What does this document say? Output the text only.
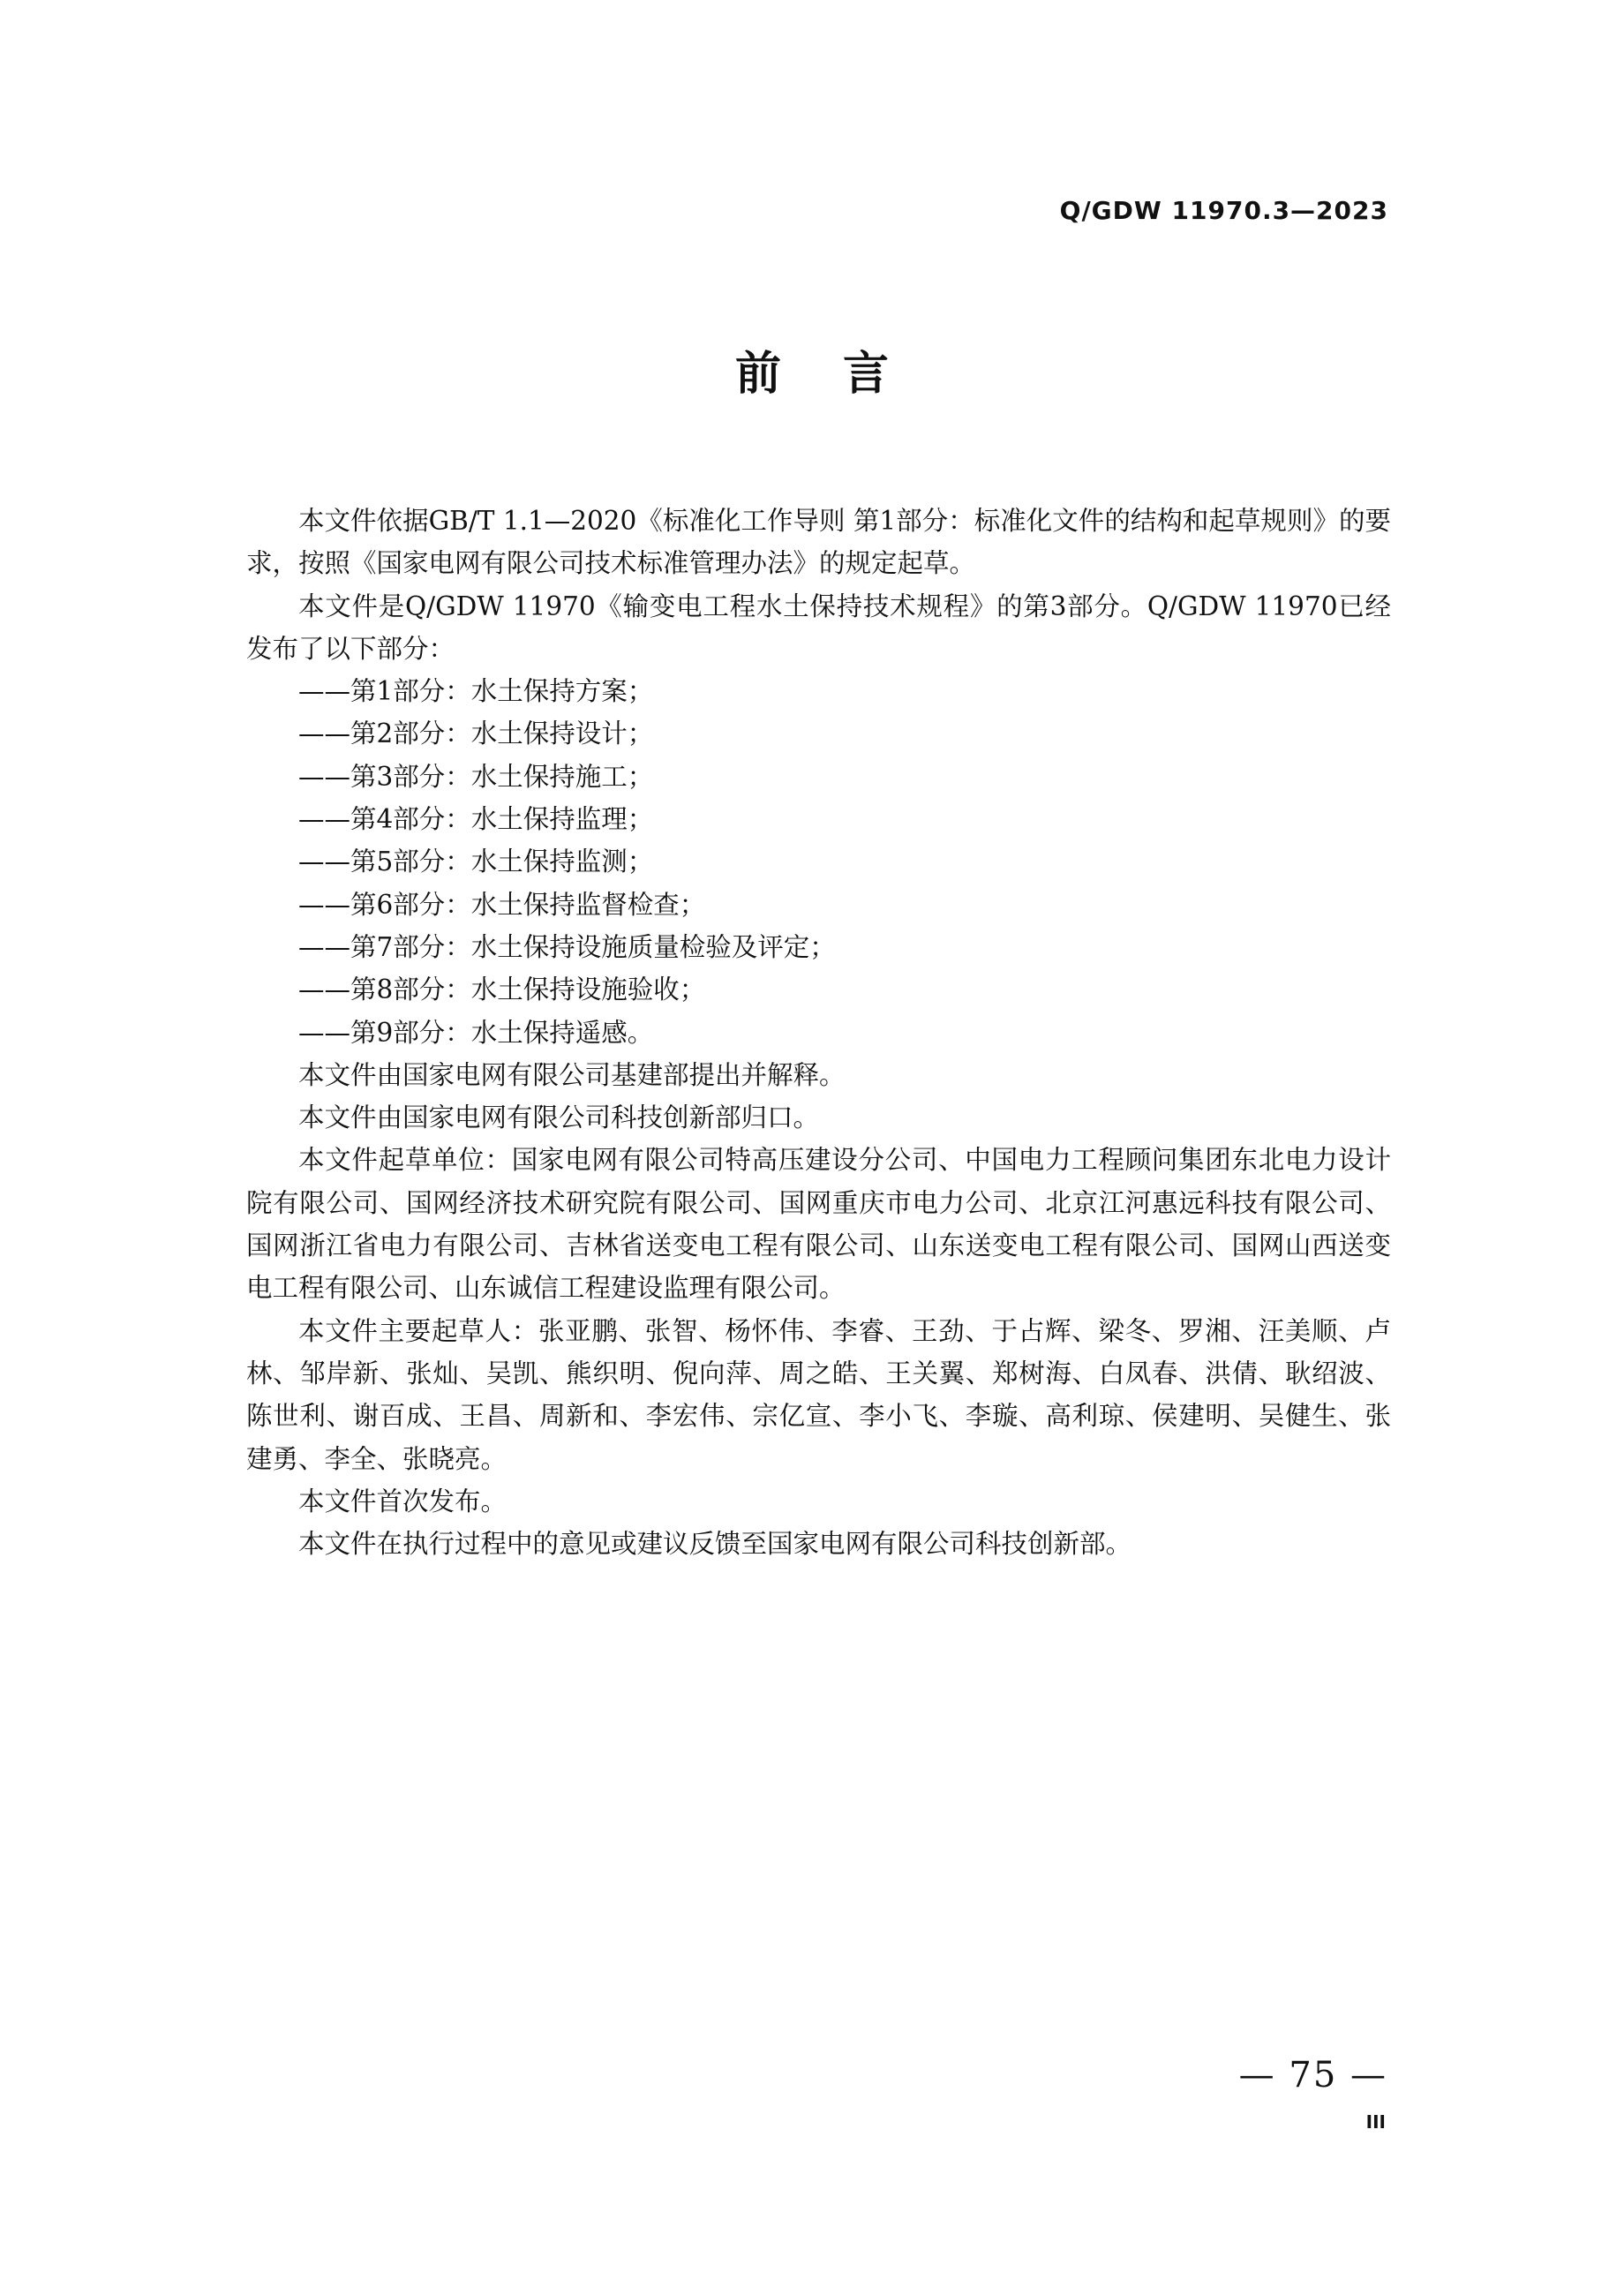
Q/GDW 11970.3—2023
前言

本文件依据GB/T 1.1—2020《标准化工作导则 第1部分：标准化文件的结构和起草规则》的要求，按照《国家电网有限公司技术标准管理办法》的规定起草。

本文件是Q/GDW 11970《输变电工程水土保持技术规程》的第3部分。Q/GDW 11970已经发布了以下部分：

——第1部分：水土保持方案；

——第2部分：水土保持设计；

——第3部分：水土保持施工；

——第4部分：水土保持监理；

——第5部分：水土保持监测；

——第6部分：水土保持监督检查；

——第7部分：水土保持设施质量检验及评定；

——第8部分：水土保持设施验收；

——第9部分：水土保持遥感。

本文件由国家电网有限公司基建部提出并解释。

本文件由国家电网有限公司科技创新部归口。

本文件起草单位：国家电网有限公司特高压建设分公司、中国电力工程顾问集团东北电力设计院有限公司、国网经济技术研究院有限公司、国网重庆市电力公司、北京江河惠远科技有限公司、国网浙江省电力有限公司、吉林省送变电工程有限公司、山东送变电工程有限公司、国网山西送变电工程有限公司、山东诚信工程建设监理有限公司。

本文件主要起草人：张亚鹏、张智、杨怀伟、李睿、王劲、于占辉、梁冬、罗湘、汪美顺、卢林、邹岸新、张灿、吴凯、熊织明、倪向萍、周之皓、王关翼、郑树海、白凤春、洪倩、耿绍波、陈世利、谢百成、王昌、周新和、李宏伟、宗亿宣、李小飞、李璇、高利琼、侯建明、吴健生、张建勇、李全、张晓亮。

本文件首次发布。

本文件在执行过程中的意见或建议反馈至国家电网有限公司科技创新部。

— 75 —
III
